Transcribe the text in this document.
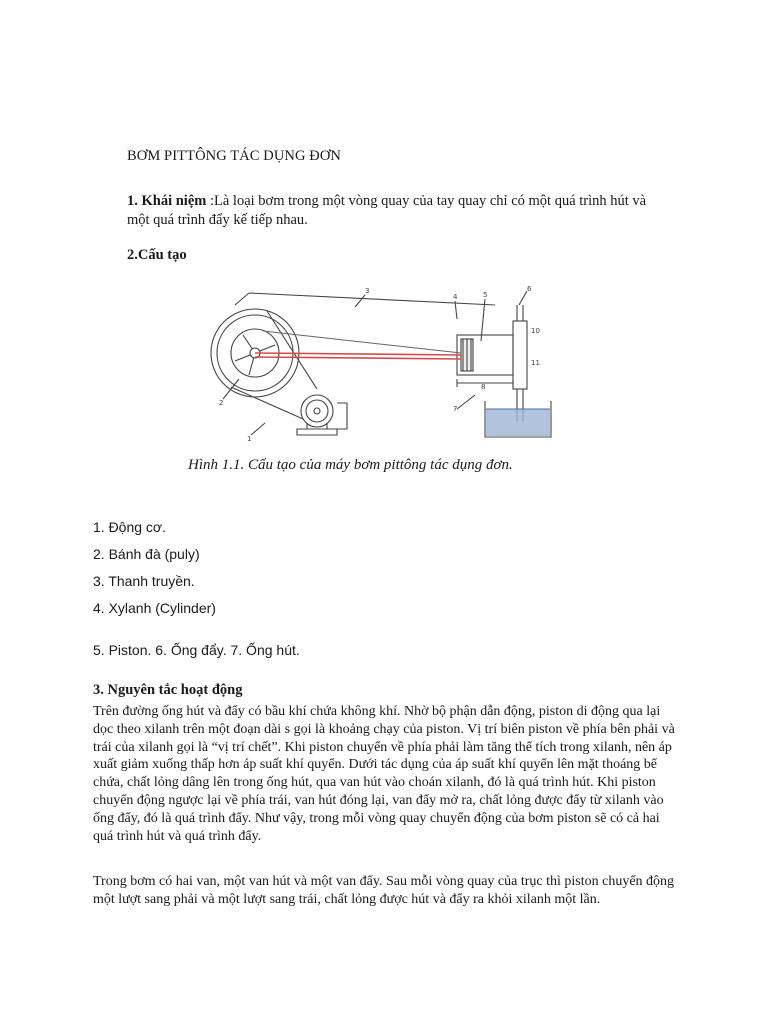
BƠM PITTÔNG TÁC DỤNG ĐƠN
1. Khái niệm :Là loại bơm trong một vòng quay của tay quay chỉ có một quá trình hút và một quá trình đẩy kế tiếp nhau.
2.Cấu tạo
2
1
3
4	5
6
7
8
10
11
Hình 1.1. Cấu tạo của máy bơm pittông tác dụng đơn.
1. Động cơ.
2. Bánh đà (puly)
3. Thanh truyền.
4. Xylanh (Cylinder)
5. Piston. 6. Ống đẩy. 7. Ống hút.
3. Nguyên tắc hoạt động
Trên đường ống hút và đẩy có bầu khí chứa không khí. Nhờ bộ phận dẫn động, piston di động qua lại dọc theo xilanh trên một đoạn dài s gọi là khoảng chạy của piston. Vị trí biên piston về phía bên phải và trái của xilanh gọi là “vị trí chết”. Khi piston chuyển về phía phải làm tăng thể tích trong xilanh, nên áp xuất giảm xuống thấp hơn áp suất khí quyển. Dưới tác dụng của áp suất khí quyển lên mặt thoáng bể chứa, chất lỏng dâng lên trong ống hút, qua van hút vào choán xilanh, đó là quá trình hút. Khi piston chuyển động ngược lại về phía trái, van hút đóng lại, van đẩy mở ra, chất lỏng được đẩy từ xilanh vào ống đẩy, đó là quá trình đẩy. Như vậy, trong mỗi vòng quay chuyển động của bơm piston sẽ có cả hai quá trình hút và quá trình đẩy.
Trong bơm có hai van, một van hút và một van đẩy. Sau mỗi vòng quay của trục thì piston chuyển động một lượt sang phải và một lượt sang trái, chất lỏng được hút và đẩy ra khỏi xilanh một lần.
